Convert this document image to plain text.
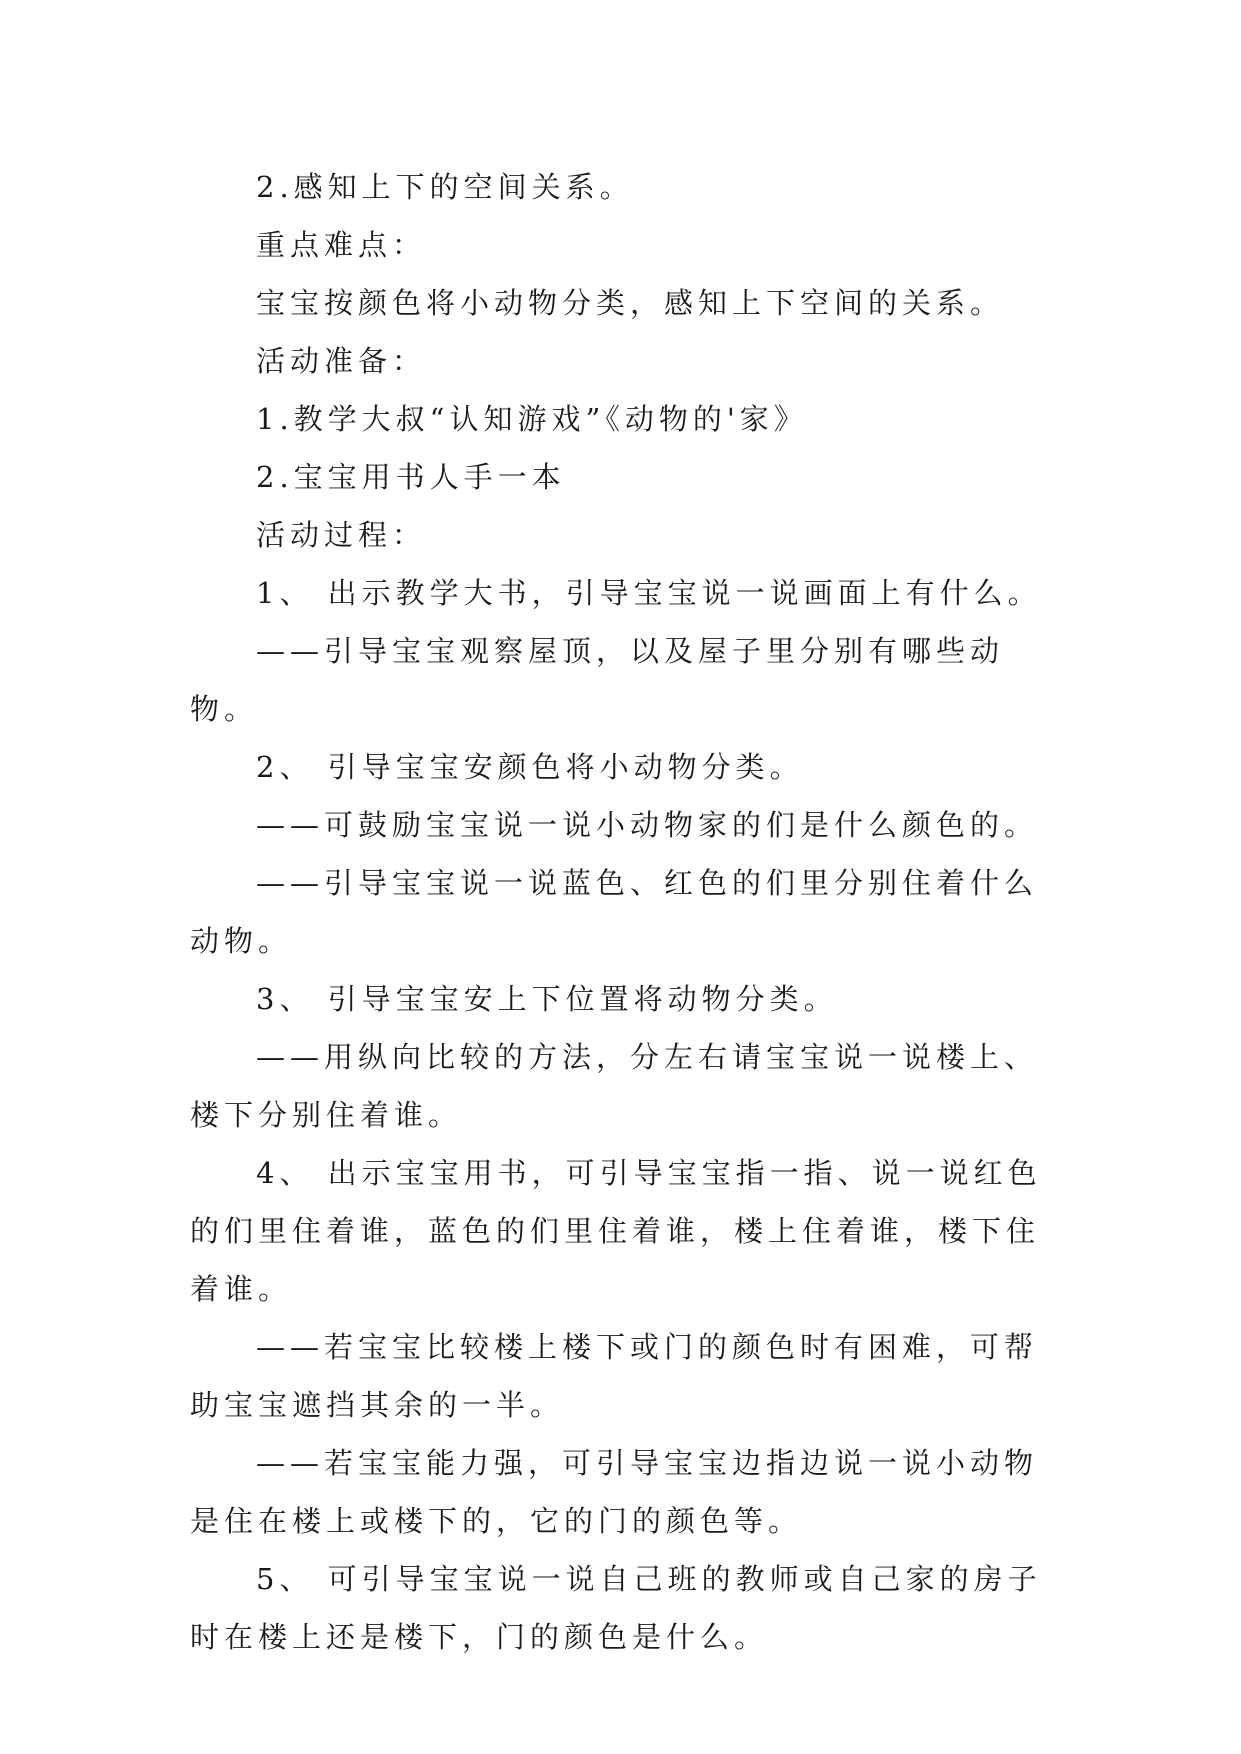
2.感知上下的空间关系。

重点难点：

宝宝按颜色将小动物分类，感知上下空间的关系。

活动准备：

1.教学大叔“认知游戏”《动物的'家》

2.宝宝用书人手一本

活动过程：

1、 出示教学大书，引导宝宝说一说画面上有什么。

——引导宝宝观察屋顶，以及屋子里分别有哪些动物。

2、 引导宝宝安颜色将小动物分类。

——可鼓励宝宝说一说小动物家的们是什么颜色的。

——引导宝宝说一说蓝色、红色的们里分别住着什么动物。

3、 引导宝宝安上下位置将动物分类。

——用纵向比较的方法，分左右请宝宝说一说楼上、楼下分别住着谁。

4、 出示宝宝用书，可引导宝宝指一指、说一说红色的们里住着谁，蓝色的们里住着谁，楼上住着谁，楼下住着谁。

——若宝宝比较楼上楼下或门的颜色时有困难，可帮助宝宝遮挡其余的一半。

——若宝宝能力强，可引导宝宝边指边说一说小动物是住在楼上或楼下的，它的门的颜色等。

5、 可引导宝宝说一说自己班的教师或自己家的房子时在楼上还是楼下，门的颜色是什么。
